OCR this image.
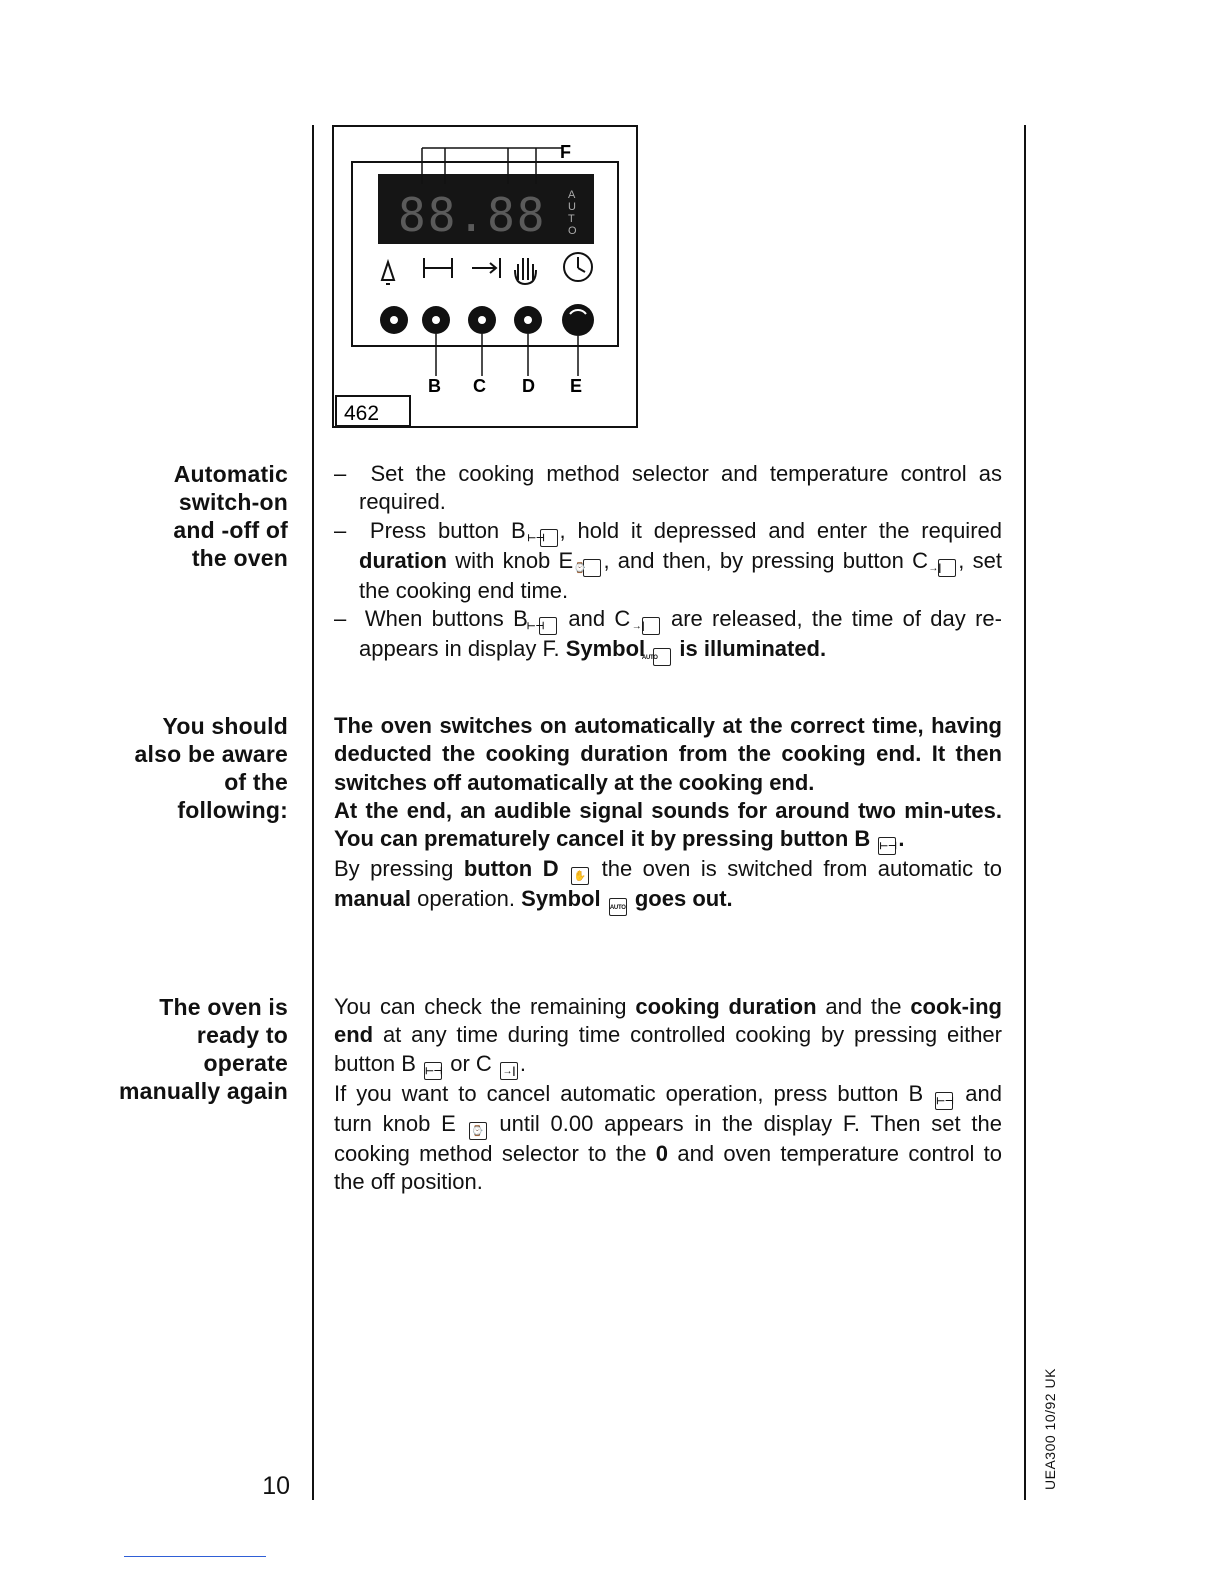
88.88 A
U
T
O
F
B C D E
462
Automatic
switch-on
and -off of
the oven

–  Set the cooking method selector and temperature control as required.

–  Press button B ⊢⊣ , hold it depressed and enter the required duration with knob E ⌚ , and then, by pressing button C →| , set the cooking end time.

–  When buttons B ⊢⊣ and C →| are released, the time of day re-appears in display F. Symbol AUTO is illuminated.

You should
also be aware
of the
following:

The oven switches on automatically at the correct time, having deducted the cooking duration from the cooking end. It then switches off automatically at the cooking end.

At the end, an audible signal sounds for around two min-utes. You can prematurely cancel it by pressing button B ⊢⊣.

By pressing button D ✋ the oven is switched from automatic to manual operation. Symbol AUTO goes out.

The oven is
ready to
operate
manually again

You can check the remaining cooking duration and the cook-ing end at any time during time controlled cooking by pressing either button B ⊢⊣ or C →| .

If you want to cancel automatic operation, press button B ⊢⊣ and turn knob E ⌚ until 0.00 appears in the display F. Then set the cooking method selector to the 0 and oven temperature control to the off position.

10	UEA300 10/92 UK
